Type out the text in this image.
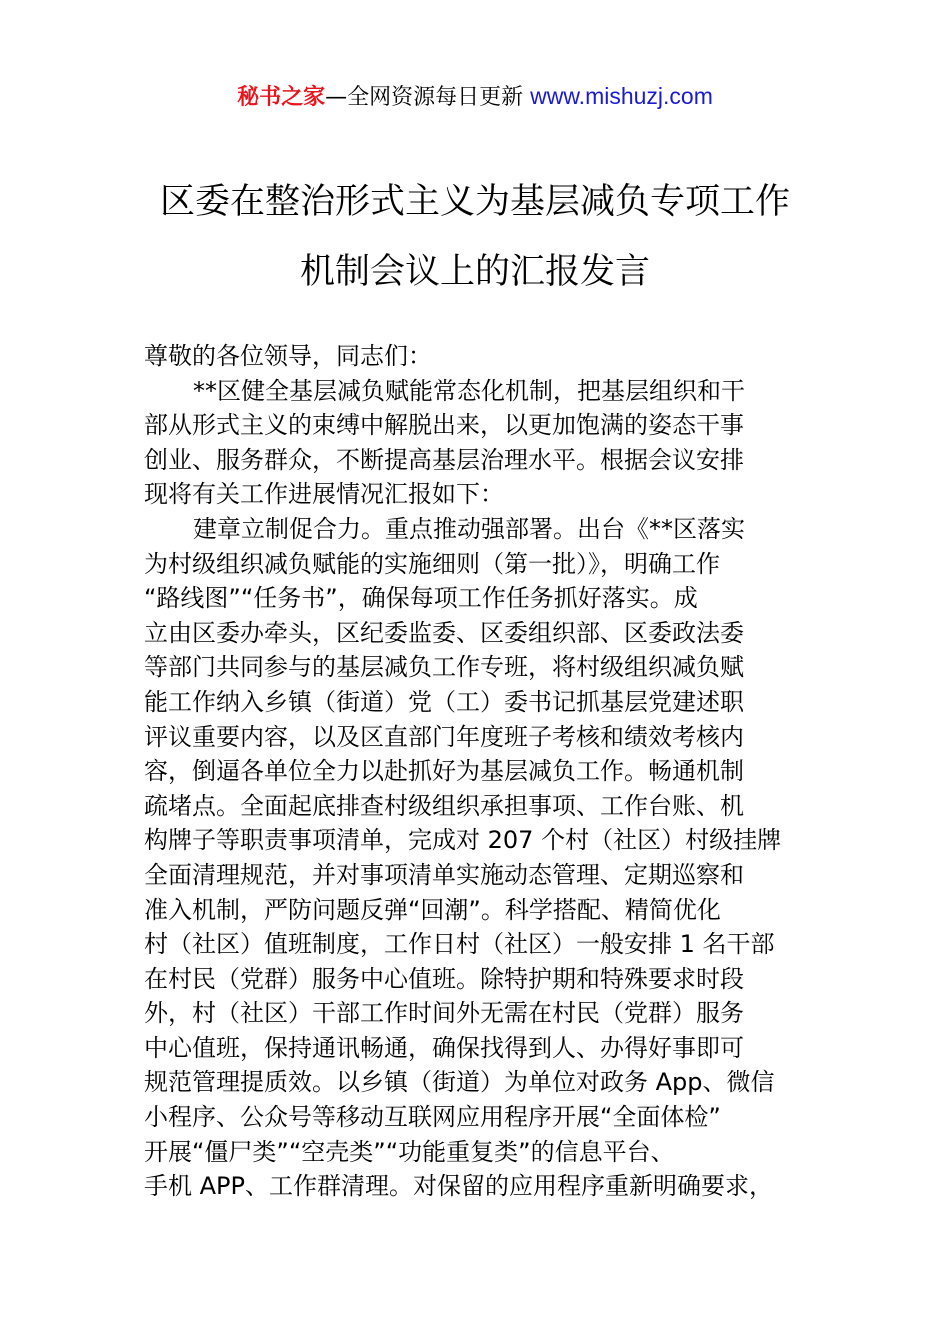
秘书之家—全网资源每日更新 www.mishuzj.com
区委在整治形式主义为基层减负专项工作
机制会议上的汇报发言
尊敬的各位领导，同志们：
**区健全基层减负赋能常态化机制，把基层组织和干
部从形式主义的束缚中解脱出来，以更加饱满的姿态干事
创业、服务群众，不断提高基层治理水平。根据会议安排
现将有关工作进展情况汇报如下：
建章立制促合力。重点推动强部署。出台《**区落实
为村级组织减负赋能的实施细则（第一批）》，明确工作
“路线图”“任务书”，确保每项工作任务抓好落实。成
立由区委办牵头，区纪委监委、区委组织部、区委政法委
等部门共同参与的基层减负工作专班，将村级组织减负赋
能工作纳入乡镇（街道）党（工）委书记抓基层党建述职
评议重要内容，以及区直部门年度班子考核和绩效考核内
容，倒逼各单位全力以赴抓好为基层减负工作。畅通机制
疏堵点。全面起底排查村级组织承担事项、工作台账、机
构牌子等职责事项清单，完成对 207 个村（社区）村级挂牌
全面清理规范，并对事项清单实施动态管理、定期巡察和
准入机制，严防问题反弹“回潮”。科学搭配、精简优化
村（社区）值班制度，工作日村（社区）一般安排 1 名干部
在村民（党群）服务中心值班。除特护期和特殊要求时段
外，村（社区）干部工作时间外无需在村民（党群）服务
中心值班，保持通讯畅通，确保找得到人、办得好事即可
规范管理提质效。以乡镇（街道）为单位对政务 App、微信
小程序、公众号等移动互联网应用程序开展“全面体检”
开展“僵尸类”“空壳类”“功能重复类”的信息平台、
手机 APP、工作群清理。对保留的应用程序重新明确要求，
